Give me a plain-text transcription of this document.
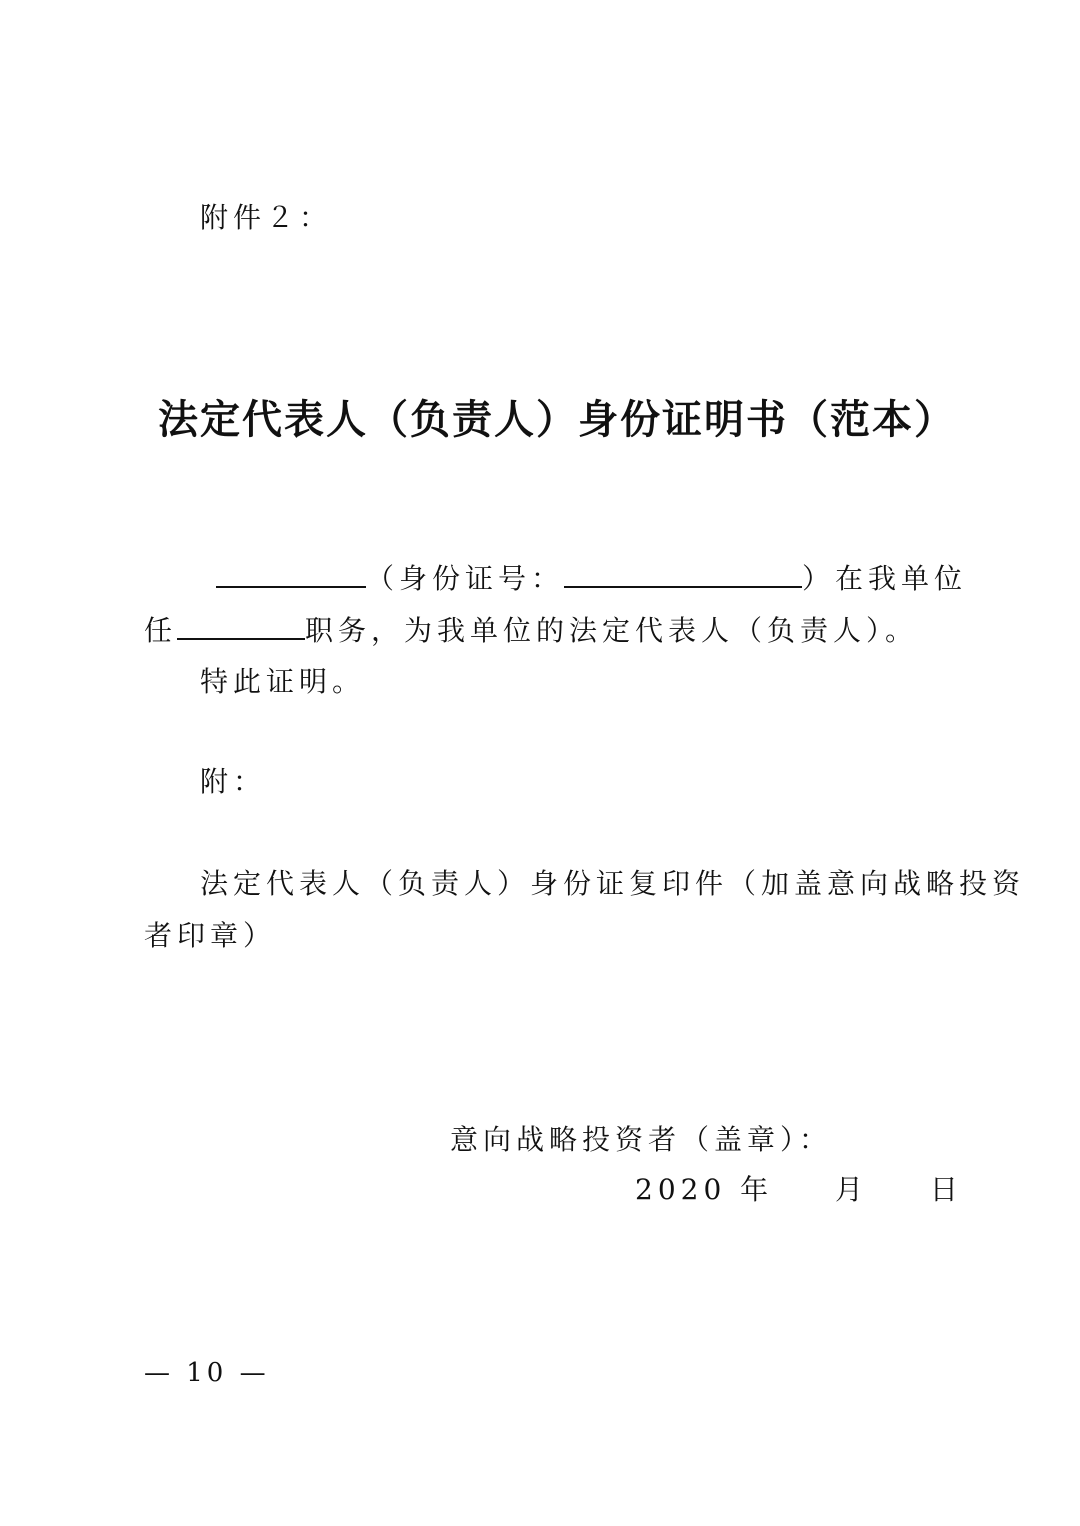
附件２：
法定代表人（负责人）身份证明书（范本）
（身份证号：	）在我单位
任	职务，为我单位的法定代表人（负责人）。
特此证明。
附：
法定代表人（负责人）身份证复印件（加盖意向战略投资
者印章）
意向战略投资者（盖章）：
2020 年 月 日
— 10 —
